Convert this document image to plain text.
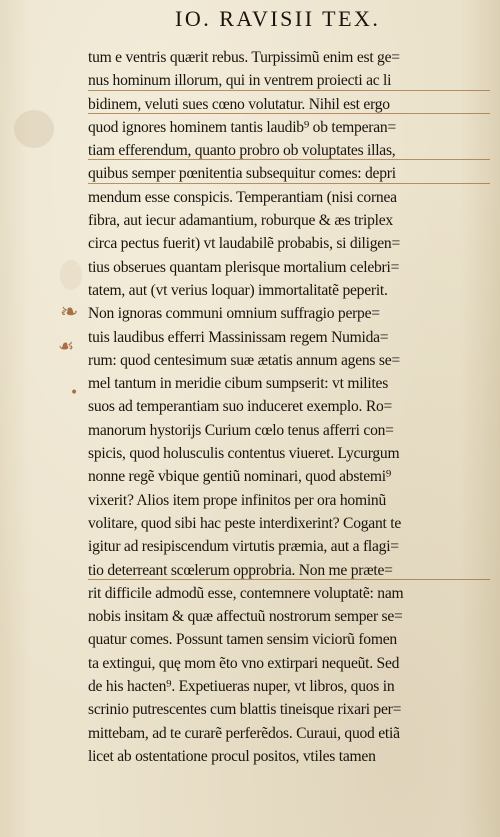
❧
☙
•
IO. RAVISII TEX.
tum e ventris quærit rebus. Turpissimũ enim est ge=
nus hominum illorum, qui in ventrem proiecti ac li
bidinem, veluti sues cœno volutatur. Nihil est ergo
quod ignores hominem tantis laudib⁹ ob temperan=
tiam efferendum, quanto probro ob voluptates illas,
quibus semper pœnitentia subsequitur comes: depri
mendum esse conspicis. Temperantiam (nisi cornea
fibra, aut iecur adamantium, roburque & æs triplex
circa pectus fuerit) vt laudabilẽ probabis, si diligen=
tius obserues quantam plerisque mortalium celebri=
tatem, aut (vt verius loquar) immortalitatẽ peperit.
Non ignoras communi omnium suffragio perpe=
tuis laudibus efferri Massinissam regem Numida=
rum: quod centesimum suæ ætatis annum agens se=
mel tantum in meridie cibum sumpserit: vt milites
suos ad temperantiam suo induceret exemplo. Ro=
manorum hystorijs Curium cœlo tenus afferri con=
spicis, quod holusculis contentus viueret. Lycurgum
nonne regẽ vbique gentiũ nominari, quod abstemi⁹
vixerit? Alios item prope infinitos per ora hominũ
volitare, quod sibi hac peste interdixerint? Cogant te
igitur ad resipiscendum virtutis præmia, aut a flagi=
tio deterreant scœlerum opprobria. Non me præte=
rit difficile admodũ esse, contemnere voluptatẽ: nam
nobis insitam & quæ affectuũ nostrorum semper se=
quatur comes. Possunt tamen sensim viciorũ fomen
ta extingui, quę mom ẽto vno extirpari nequeũt. Sed
de his hacten⁹. Expetiueras nuper, vt libros, quos in
scrinio putrescentes cum blattis tineisque rixari per=
mittebam, ad te curarẽ perferẽdos. Curaui, quod etiã
licet ab ostentatione procul positos, vtiles tamen
